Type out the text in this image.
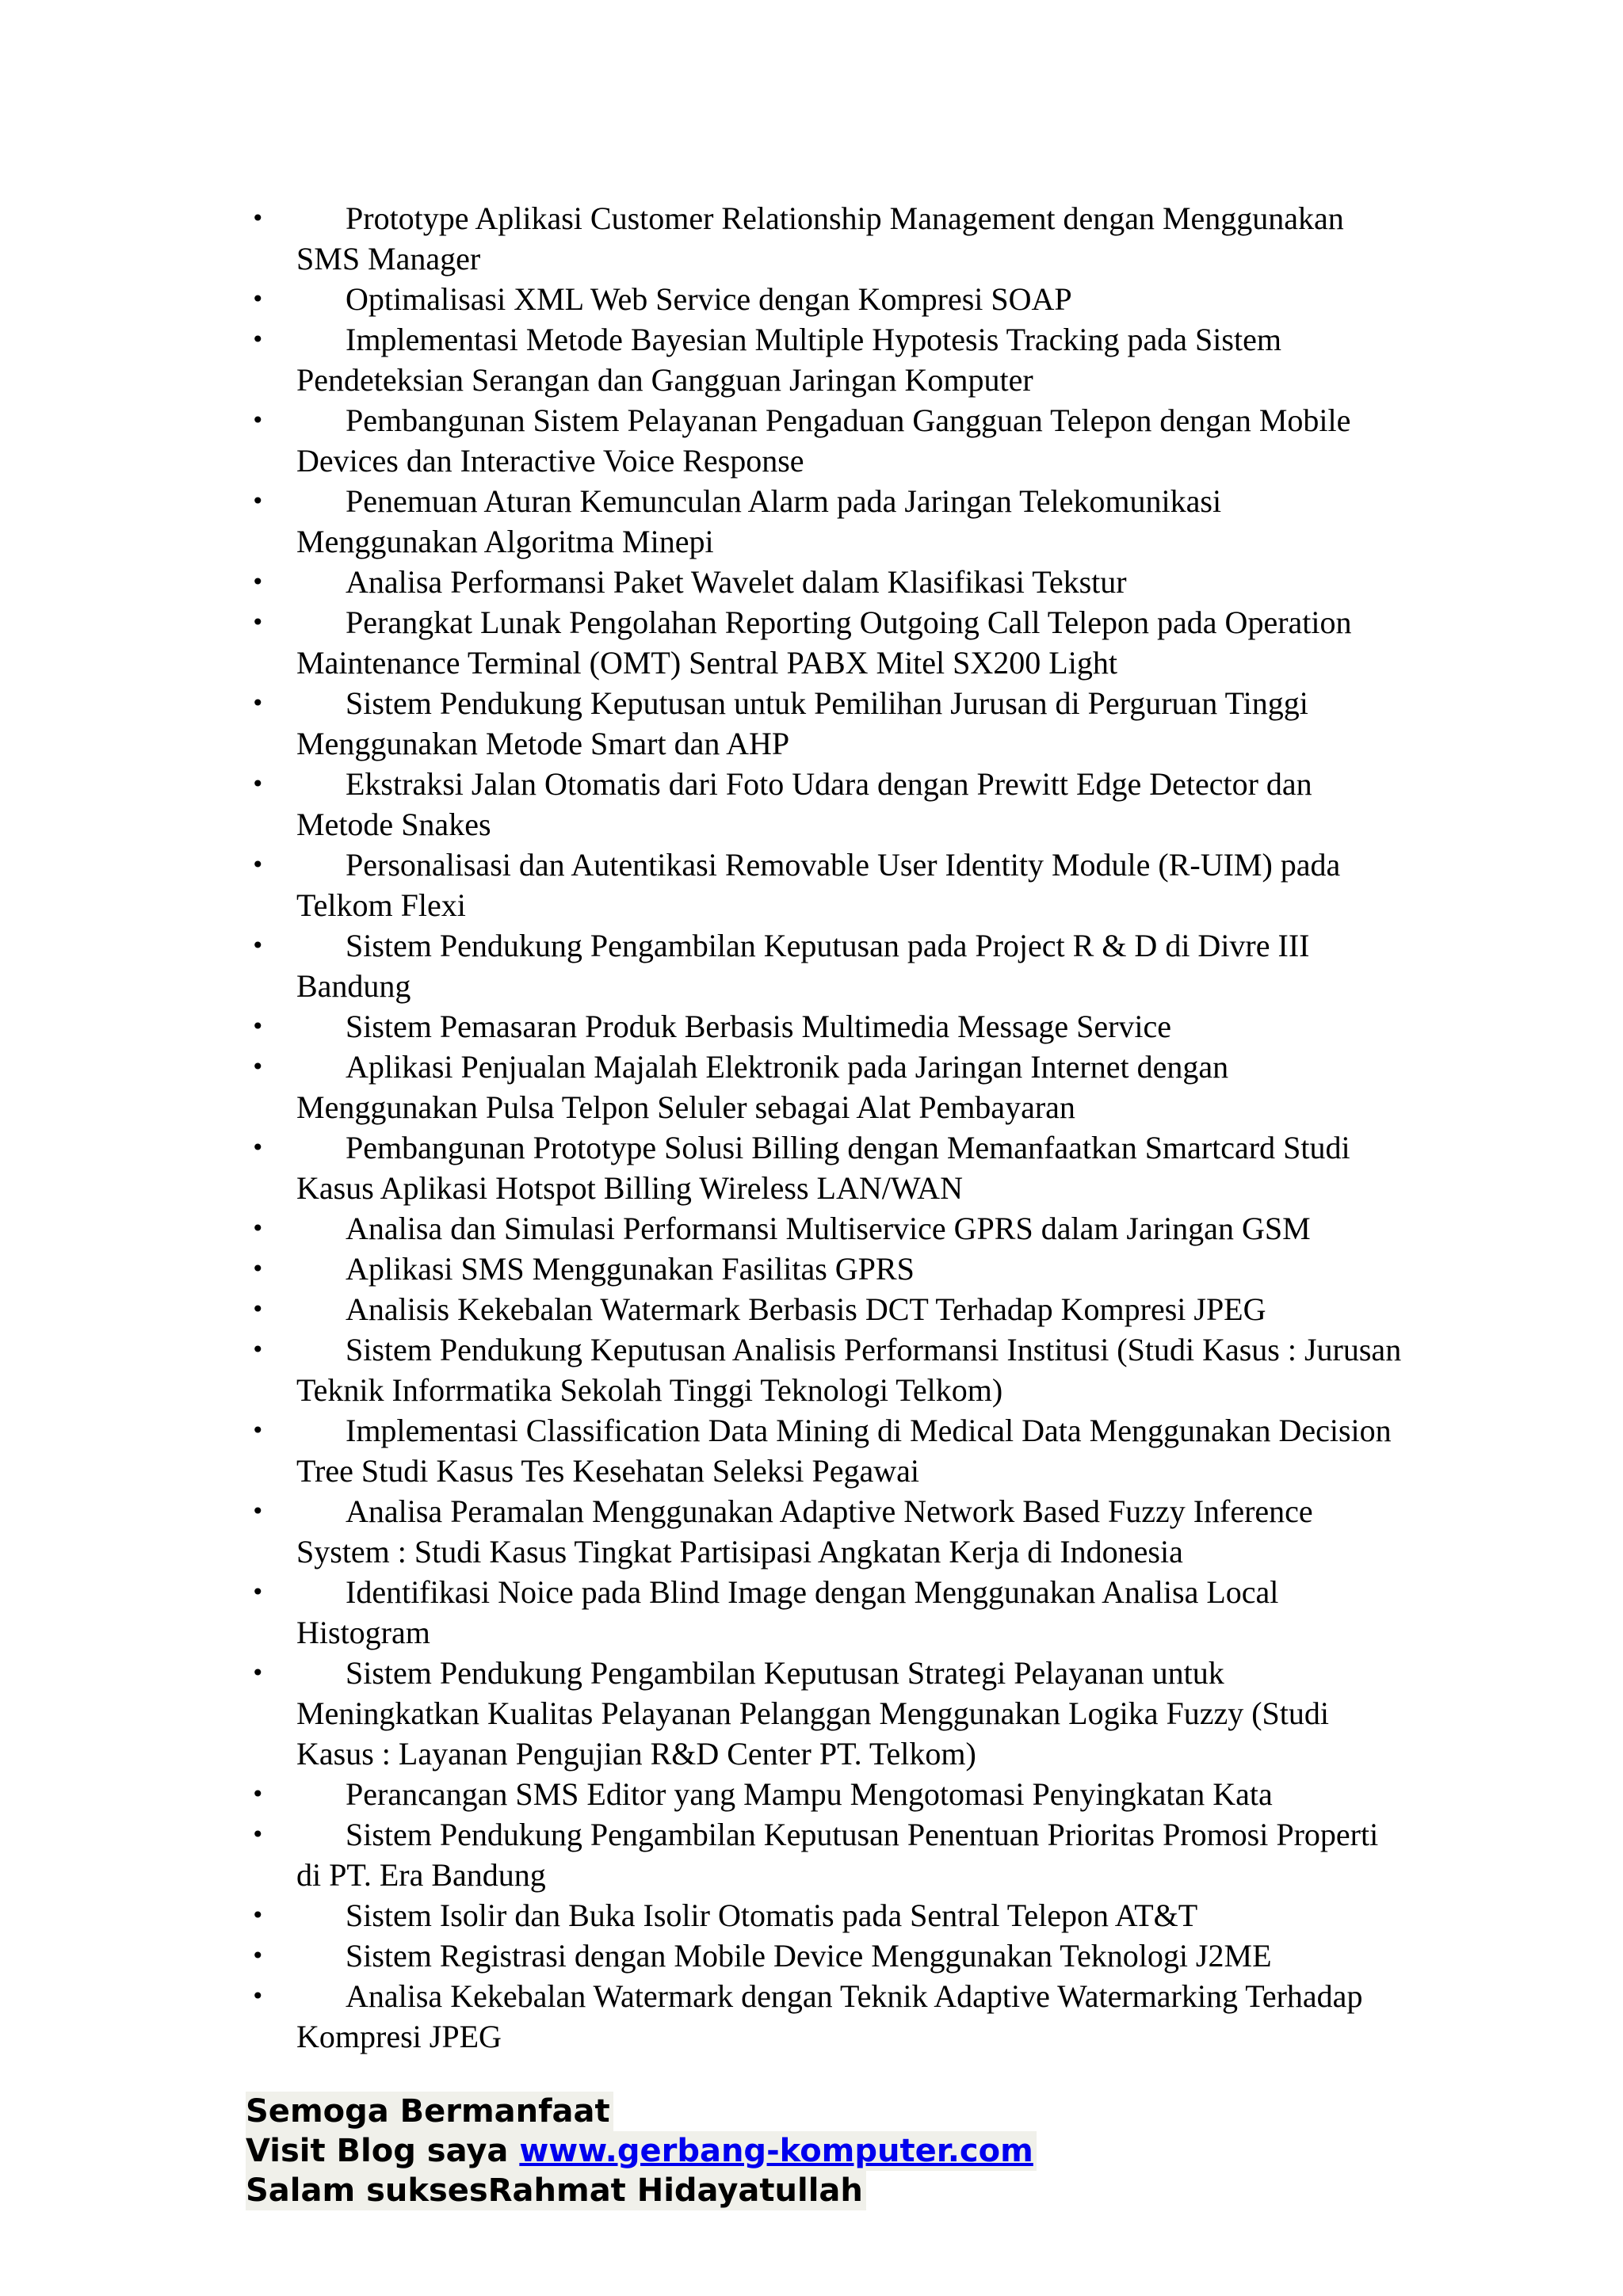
•	Prototype Aplikasi Customer Relationship Management dengan Menggunakan SMS Manager
•	Optimalisasi XML Web Service dengan Kompresi SOAP
•	Implementasi Metode Bayesian Multiple Hypotesis Tracking pada Sistem Pendeteksian Serangan dan Gangguan Jaringan Komputer
•	Pembangunan Sistem Pelayanan Pengaduan Gangguan Telepon dengan Mobile Devices dan Interactive Voice Response
•	Penemuan Aturan Kemunculan Alarm pada Jaringan Telekomunikasi Menggunakan Algoritma Minepi
•	Analisa Performansi Paket Wavelet dalam Klasifikasi Tekstur
•	Perangkat Lunak Pengolahan Reporting Outgoing Call Telepon pada Operation Maintenance Terminal (OMT) Sentral PABX Mitel SX200 Light
•	Sistem Pendukung Keputusan untuk Pemilihan Jurusan di Perguruan Tinggi Menggunakan Metode Smart dan AHP
•	Ekstraksi Jalan Otomatis dari Foto Udara dengan Prewitt Edge Detector dan Metode Snakes
•	Personalisasi dan Autentikasi Removable User Identity Module (R-UIM) pada Telkom Flexi
•	Sistem Pendukung Pengambilan Keputusan pada Project R & D di Divre III Bandung
•	Sistem Pemasaran Produk Berbasis Multimedia Message Service
•	Aplikasi Penjualan Majalah Elektronik pada Jaringan Internet dengan Menggunakan Pulsa Telpon Seluler sebagai Alat Pembayaran
•	Pembangunan Prototype Solusi Billing dengan Memanfaatkan Smartcard Studi Kasus Aplikasi Hotspot Billing Wireless LAN/WAN
•	Analisa dan Simulasi Performansi Multiservice GPRS dalam Jaringan GSM
•	Aplikasi SMS Menggunakan Fasilitas GPRS
•	Analisis Kekebalan Watermark Berbasis DCT Terhadap Kompresi JPEG
•	Sistem Pendukung Keputusan Analisis Performansi Institusi (Studi Kasus : Jurusan Teknik Inforrmatika Sekolah Tinggi Teknologi Telkom)
•	Implementasi Classification Data Mining di Medical Data Menggunakan Decision Tree Studi Kasus Tes Kesehatan Seleksi Pegawai
•	Analisa Peramalan Menggunakan Adaptive Network Based Fuzzy Inference System : Studi Kasus Tingkat Partisipasi Angkatan Kerja di Indonesia
•	Identifikasi Noice pada Blind Image dengan Menggunakan Analisa Local Histogram
•	Sistem Pendukung Pengambilan Keputusan Strategi Pelayanan untuk Meningkatkan Kualitas Pelayanan Pelanggan Menggunakan Logika Fuzzy (Studi Kasus : Layanan Pengujian R&D Center PT. Telkom)
•	Perancangan SMS Editor yang Mampu Mengotomasi Penyingkatan Kata
•	Sistem Pendukung Pengambilan Keputusan Penentuan Prioritas Promosi Properti di PT. Era Bandung
•	Sistem Isolir dan Buka Isolir Otomatis pada Sentral Telepon AT&T
•	Sistem Registrasi dengan Mobile Device Menggunakan Teknologi J2ME
•	Analisa Kekebalan Watermark dengan Teknik Adaptive Watermarking Terhadap Kompresi JPEG
Semoga Bermanfaat
Visit Blog saya www.gerbang-komputer.com
Salam suksesRahmat Hidayatullah
